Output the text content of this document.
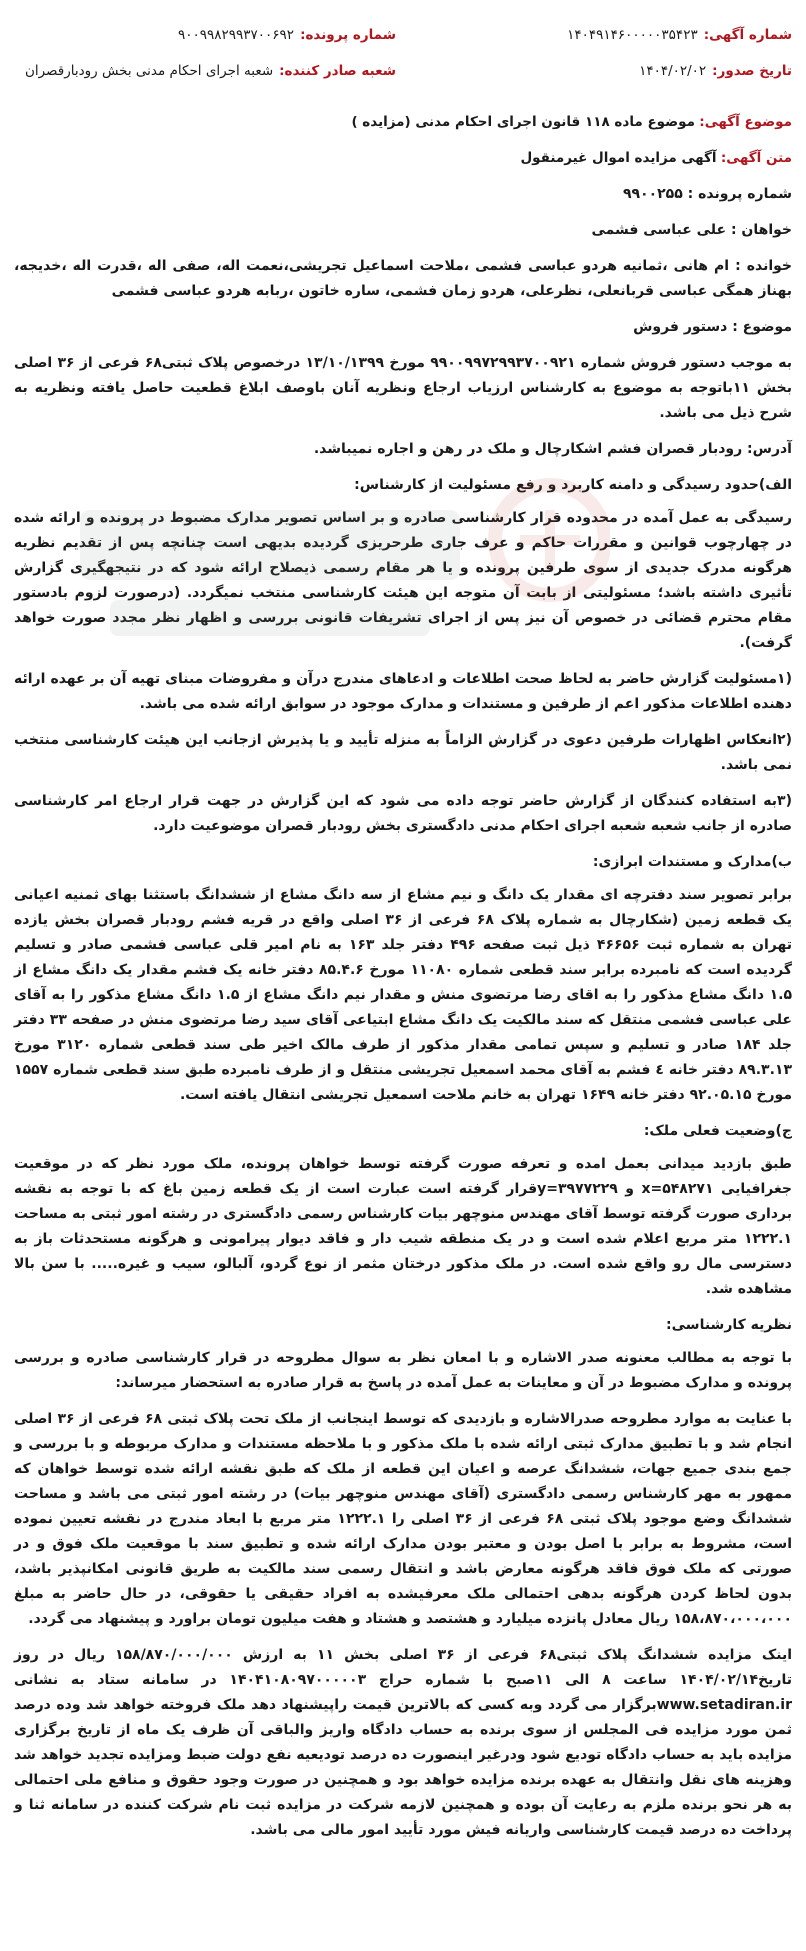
شماره آگهی:
۱۴۰۴۹۱۴۶۰۰۰۰۰۳۵۴۲۳
شماره پرونده:
۹۰۰۹۹۸۲۹۹۳۷۰۰۶۹۲
تاریخ صدور:
۱۴۰۴/۰۲/۰۲
شعبه صادر کننده:
شعبه اجرای احکام مدنی بخش رودبارقصران
موضوع آگهی: موضوع ماده ۱۱۸ قانون اجرای احکام مدنی (مزایده )
متن آگهی: آگهی مزایده اموال غیرمنقول

شماره پرونده : ۹۹۰۰۲۵۵

خواهان : علی عباسی فشمی

خوانده : ام هانی ،ثمانیه هردو عباسی فشمی ،ملاحت اسماعیل تجریشی،نعمت اله، صفی اله ،قدرت اله ،خدیجه، بهناز همگی عباسی قربانعلی، نظرعلی، هردو زمان فشمی، ساره خاتون ،ربابه هردو عباسی فشمی

موضوع : دستور فروش

به موجب دستور فروش شماره ۹۹۰۰۹۹۷۲۹۹۳۷۰۰۹۲۱ مورخ ۱۳/۱۰/۱۳۹۹ درخصوص پلاک ثبتی۶۸ فرعی از ۳۶ اصلی بخش ۱۱باتوجه به موضوع به کارشناس ارزیاب ارجاع ونظریه آنان باوصف ابلاغ قطعیت حاصل یافته ونظریه به شرح ذیل می باشد.

آدرس: رودبار قصران فشم اشکارچال و ملک در رهن و اجاره نمیباشد.

الف)حدود رسیدگی و دامنه کاربرد و رفع مسئولیت از کارشناس:

رسیدگی به عمل آمده در محدوده قرار کارشناسی صادره و بر اساس تصویر مدارک مضبوط در پرونده و ارائه شده در چهارچوب قوانین و مقررات حاکم و عرف جاری طرحریزی گردیده بدیهی است چنانچه پس از تقدیم نظریه هرگونه مدرک جدیدی از سوی طرفین پرونده و یا هر مقام رسمی ذیصلاح ارائه شود که در نتیجهگیری گزارش تأثیری داشته باشد؛ مسئولیتی از بابت آن متوجه این هیئت کارشناسی منتخب نمیگردد. (درصورت لزوم بادستور مقام محترم قضائی در خصوص آن نیز پس از اجرای تشریفات قانونی بررسی و اظهار نظر مجدد صورت خواهد گرفت).

(۱مسئولیت گزارش حاضر به لحاظ صحت اطلاعات و ادعاهای مندرج درآن و مفروضات مبنای تهیه آن بر عهده ارائه دهنده اطلاعات مذکور اعم از طرفین و مستندات و مدارک موجود در سوابق ارائه شده می باشد.

(۲انعکاس اظهارات طرفین دعوی در گزارش الزاماً به منزله تأیید و یا پذیرش ازجانب این هیئت کارشناسی منتخب نمی باشد.

(۳به استفاده کنندگان از گزارش حاضر توجه داده می شود که این گزارش در جهت قرار ارجاع امر کارشناسی صادره از جانب شعبه شعبه اجرای احکام مدنی دادگستری بخش رودبار قصران موضوعیت دارد.

ب)مدارک و مستندات ابرازی:

برابر تصویر سند دفترچه ای مقدار یک دانگ و نیم مشاع از سه دانگ مشاع از ششدانگ باستثنا بهای ثمنیه اعیانی یک قطعه زمین (شکارچال به شماره پلاک ۶۸ فرعی از ۳۶ اصلی واقع در قریه فشم رودبار قصران بخش یازده تهران به شماره ثبت ۴۶۶۵۶ ذیل ثبت صفحه ۴۹۶ دفتر جلد ۱۶۳ به نام امیر قلی عباسی فشمی صادر و تسلیم گردیده است که نامبرده برابر سند قطعی شماره ۱۱۰۸۰ مورخ ۸۵.۴.۶ دفتر خانه یک فشم مقدار یک دانگ مشاع از ۱.۵ دانگ مشاع مذکور را به اقای رضا مرتضوی منش و مقدار نیم دانگ مشاع از ۱.۵ دانگ مشاع مذکور را به آقای علی عباسی فشمی منتقل که سند مالکیت یک دانگ مشاع ابتیاعی آقای سید رضا مرتضوی منش در صفحه ۳۳ دفتر جلد ۱۸۴ صادر و تسلیم و سپس تمامی مقدار مذکور از طرف مالک اخیر طی سند قطعی شماره ۳۱۲۰ مورخ ۸۹.۳.۱۳ دفتر خانه ٤ فشم به آقای محمد اسمعیل تجریشی منتقل و از طرف نامبرده طبق سند قطعی شماره ۱۵۵۷ مورخ ۹۲.۰۵.۱۵ دفتر خانه ۱۶۴۹ تهران به خانم ملاحت اسمعیل تجریشی انتقال یافته است.

ج)وضعیت فعلی ملک:

طبق بازدید میدانی بعمل امده و تعرفه صورت گرفته توسط خواهان پرونده، ملک مورد نظر که در موقعیت جغرافیایی x=۵۴۸۲۷۱ و y=۳۹۷۷۲۲۹قرار گرفته است عبارت است از یک قطعه زمین باغ که با توجه به نقشه برداری صورت گرفته توسط آقای مهندس منوچهر بیات کارشناس رسمی دادگستری در رشته امور ثبتی به مساحت ۱۲۲۲.۱ متر مربع اعلام شده است و در یک منطقه شیب دار و فاقد دیوار پیرامونی و هرگونه مستحدثات باز به دسترسی مال رو واقع شده است. در ملک مذکور درختان مثمر از نوع گردو، آلبالو، سیب و غیره..... با سن بالا مشاهده شد.

نظریه کارشناسی:

با توجه به مطالب معنونه صدر الاشاره و با امعان نظر به سوال مطروحه در قرار کارشناسی صادره و بررسی پرونده و مدارک مضبوط در آن و معاینات به عمل آمده در پاسخ به قرار صادره به استحضار میرساند:

با عنایت به موارد مطروحه صدرالاشاره و بازدیدی که توسط اینجانب از ملک تحت پلاک ثبتی ۶۸ فرعی از ۳۶ اصلی انجام شد و با تطبیق مدارک ثبتی ارائه شده با ملک مذکور و با ملاحظه مستندات و مدارک مربوطه و با بررسی و جمع بندی جمیع جهات، ششدانگ عرصه و اعیان این قطعه از ملک که طبق نقشه ارائه شده توسط خواهان که ممهور به مهر کارشناس رسمی دادگستری (آقای مهندس منوچهر بیات) در رشته امور ثبتی می باشد و مساحت ششدانگ وضع موجود پلاک ثبتی ۶۸ فرعی از ۳۶ اصلی را ۱۲۲۲.۱ متر مربع با ابعاد مندرج در نقشه تعیین نموده است، مشروط به برابر با اصل بودن و معتبر بودن مدارک ارائه شده و تطبیق سند با موقعیت ملک فوق و در صورتی که ملک فوق فاقد هرگونه معارض باشد و انتقال رسمی سند مالکیت به طریق قانونی امکانپذیر باشد، بدون لحاظ کردن هرگونه بدهی احتمالی ملک معرفیشده به افراد حقیقی یا حقوقی، در حال حاضر به مبلغ ۱۵۸،۸۷۰،۰۰۰،۰۰۰ ریال معادل پانزده میلیارد و هشتصد و هشتاد و هفت میلیون تومان براورد و پیشنهاد می گردد.

اینک مزایده ششدانگ پلاک ثبتی۶۸ فرعی از ۳۶ اصلی بخش ۱۱ به ارزش ۱۵۸/۸۷۰/۰۰۰/۰۰۰ ریال در روز تاریخ۱۴۰۴/۰۲/۱۴ ساعت ۸ الی ۱۱صبح با شماره حراج ۱۴۰۴۱۰۸۰۹۷۰۰۰۰۰۳ در سامانه ستاد به نشانی www.setadiran.irبرگزار می گردد وبه کسی که بالاترین قیمت راپیشنهاد دهد ملک فروخته خواهد شد وده درصد ثمن مورد مزایده فی المجلس از سوی برنده به حساب دادگاه واریز والباقی آن ظرف یک ماه از تاریخ برگزاری مزایده باید به حساب دادگاه تودیع شود ودرغیر اینصورت ده درصد تودیعیه نفع دولت ضبط ومزایده تجدید خواهد شد وهزینه های نقل وانتقال به عهده برنده مزایده خواهد بود و همچنین در صورت وجود حقوق و منافع ملی احتمالی به هر نحو برنده ملزم به رعایت آن بوده و همچنین لازمه شرکت در مزایده ثبت نام شرکت کننده در سامانه ثنا و پرداخت ده درصد قیمت کارشناسی واریانه فیش مورد تأیید امور مالی می باشد.
